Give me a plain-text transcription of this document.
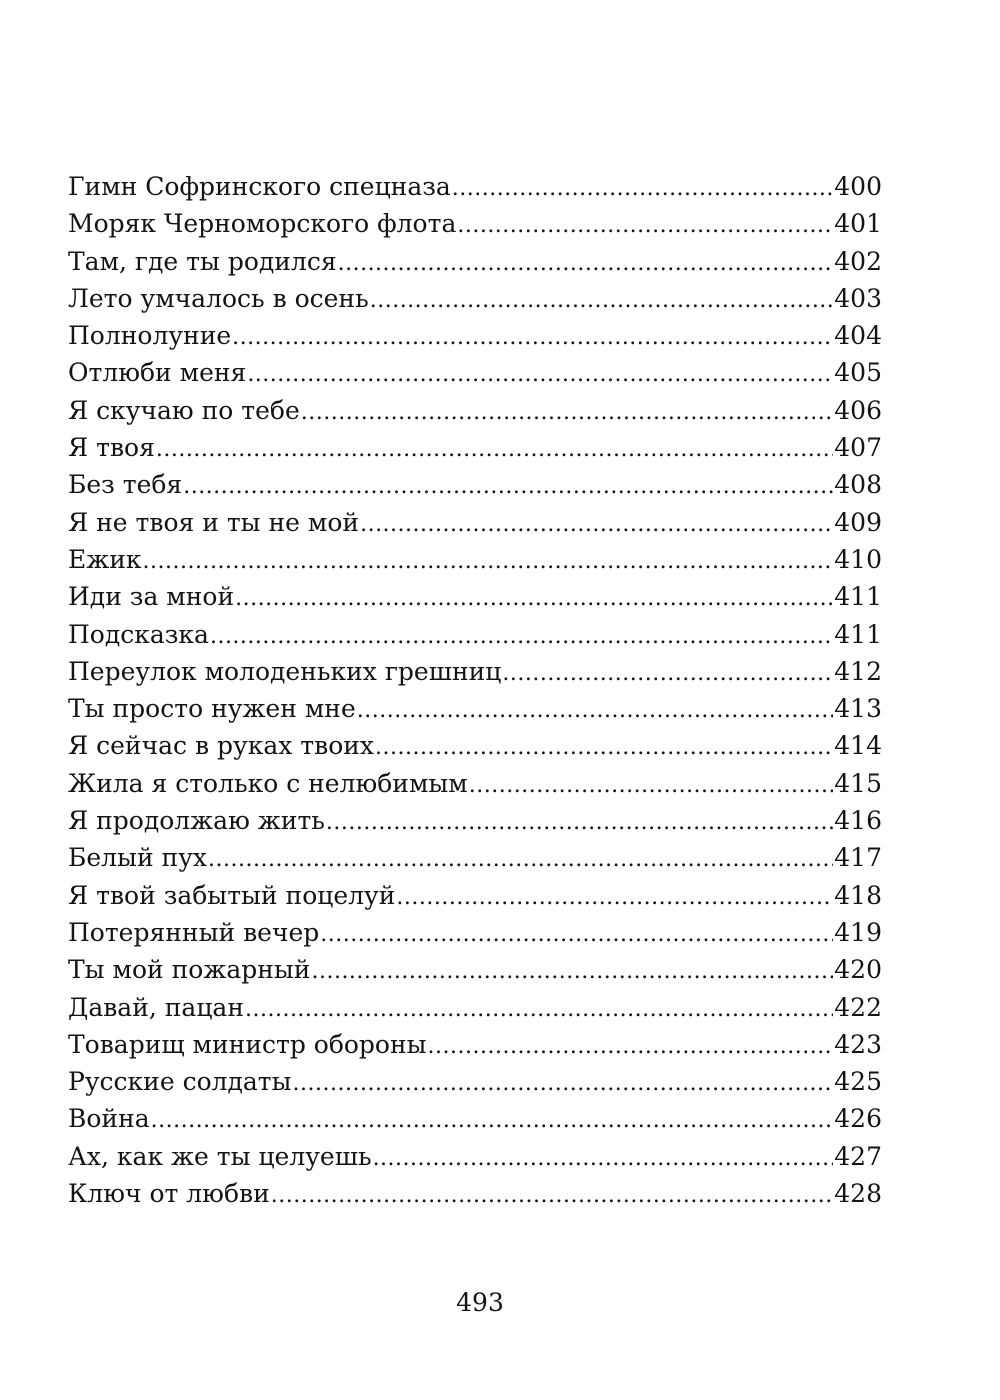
Гимн Софринского спецназа .....	400
Моряк Черноморского флота .....	401
Там, где ты родился .....	402
Лето умчалось в осень .....	403
Полнолуние .....	404
Отлюби меня .....	405
Я скучаю по тебе .....	406
Я твоя .....	407
Без тебя .....	408
Я не твоя и ты не мой .....	409
Ежик .....	410
Иди за мной .....	411
Подсказка .....	411
Переулок молоденьких грешниц .....	412
Ты просто нужен мне .....	413
Я сейчас в руках твоих .....	414
Жила я столько с нелюбимым .....	415
Я продолжаю жить .....	416
Белый пух .....	417
Я твой забытый поцелуй .....	418
Потерянный вечер .....	419
Ты мой пожарный .....	420
Давай, пацан .....	422
Товарищ министр обороны .....	423
Русские солдаты .....	425
Война .....	426
Ах, как же ты целуешь .....	427
Ключ от любви .....	428
493
